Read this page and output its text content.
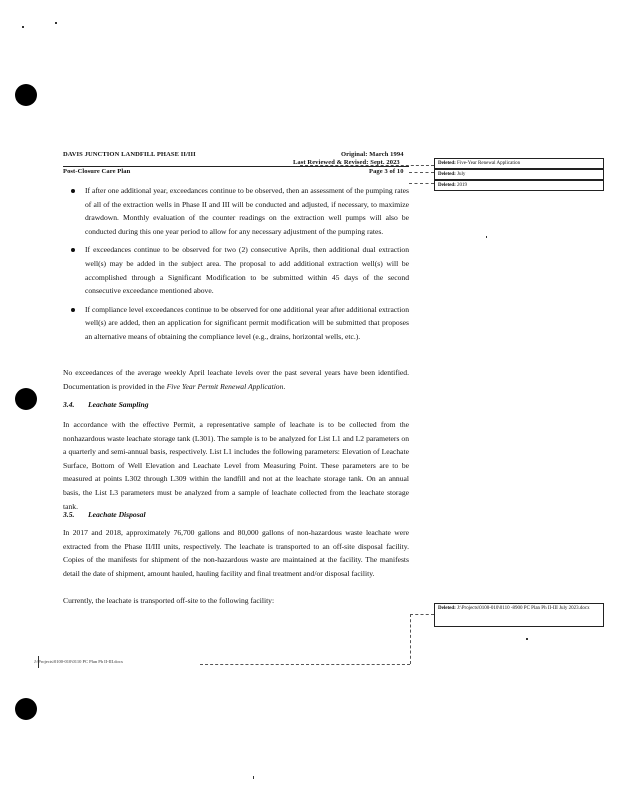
DAVIS JUNCTION LANDFILL PHASE II/III	Original: March 1994
Last Reviewed & Revised: Sept. 2023
Post-Closure Care Plan	Page 3 of 10
If after one additional year, exceedances continue to be observed, then an assessment of the pumping rates of all of the extraction wells in Phase II and III will be conducted and adjusted, if necessary, to maximize drawdown. Monthly evaluation of the counter readings on the extraction well pumps will also be conducted during this one year period to allow for any necessary adjustment of the pumping rates.
If exceedances continue to be observed for two (2) consecutive Aprils, then additional dual extraction well(s) may be added in the subject area. The proposal to add additional extraction well(s) will be accomplished through a Significant Modification to be submitted within 45 days of the second consecutive exceedance mentioned above.
If compliance level exceedances continue to be observed for one additional year after additional extraction well(s) are added, then an application for significant permit modification will be submitted that proposes an alternative means of obtaining the compliance level (e.g., drains, horizontal wells, etc.).
No exceedances of the average weekly April leachate levels over the past several years have been identified. Documentation is provided in the Five Year Permit Renewal Application.
3.4. Leachate Sampling
In accordance with the effective Permit, a representative sample of leachate is to be collected from the nonhazardous waste leachate storage tank (L301). The sample is to be analyzed for List L1 and L2 parameters on a quarterly and semi-annual basis, respectively. List L1 includes the following parameters: Elevation of Leachate Surface, Bottom of Well Elevation and Leachate Level from Measuring Point. These parameters are to be measured at points L302 through L309 within the landfill and not at the leachate storage tank. On an annual basis, the List L3 parameters must be analyzed from a sample of leachate collected from the leachate storage tank.
3.5. Leachate Disposal
In 2017 and 2018, approximately 76,700 gallons and 80,000 gallons of non-hazardous waste leachate were extracted from the Phase II/III units, respectively. The leachate is transported to an off-site disposal facility. Copies of the manifests for shipment of the non-hazardous waste are maintained at the facility. The manifests detail the date of shipment, amount hauled, hauling facility and final treatment and/or disposal facility.
Currently, the leachate is transported off-site to the following facility:
Deleted: Five-Year Renewal Application
Deleted: July
Deleted: 2019
Deleted: J:\Projects\0100-010\0110 -8900 PC Plan Ph II-III July 2023.docx
J:\Projects\0100-010\0110 PC Plan Ph II-III.docx
